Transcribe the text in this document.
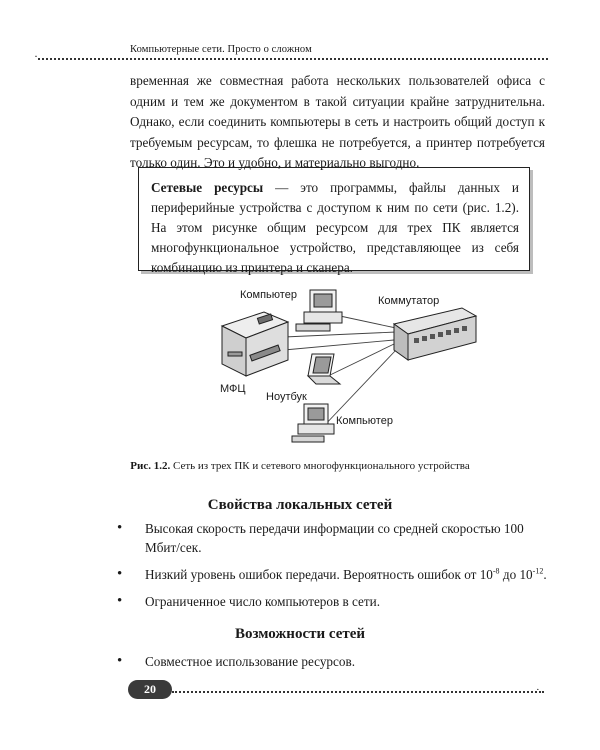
Компьютерные сети. Просто о сложном
·

временная же совместная работа нескольких пользователей офиса с одним и тем же документом в такой ситуации крайне затруднительна. Однако, если соединить компьютеры в сеть и настроить общий доступ к требуемым ресурсам, то флешка не потребуется, а принтер потребуется только один. Это и удобно, и материально выгодно.

Сетевые ресурсы — это программы, файлы данных и периферийные устройства с доступом к ним по сети (рис. 1.2). На этом рисунке общим ресурсом для трех ПК является многофункциональное устройство, представляющее из себя комбинацию из принтера и сканера.
Компьютер	Коммутатор
МФЦ
Ноутбук
Компьютер
Рис. 1.2. Сеть из трех ПК и сетевого многофункционального устройства
Свойства локальных сетей
• Высокая скорость передачи информации со средней скоростью 100 Мбит/сек.
• Низкий уровень ошибок передачи. Вероятность ошибок от $10^{-8}$ до $10^{-12}$.
• Ограниченное число компьютеров в сети.
Возможности сетей
• Совместное использование ресурсов.
20	·
